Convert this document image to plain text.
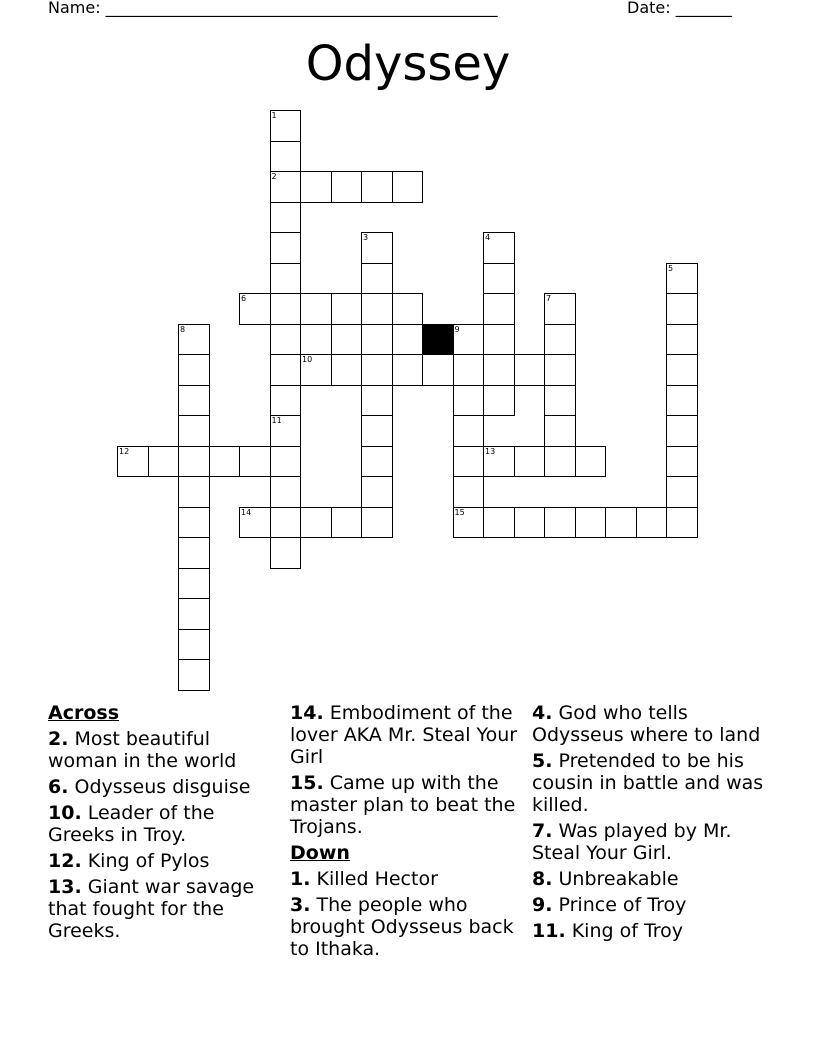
Name: _________________________________________________	Date: _______
Odyssey
1
2
11
3	4
5
6	7
8	9
10
12	13
14	15
Across
2. Most beautiful woman in the world
6. Odysseus disguise
10. Leader of the Greeks in Troy.
12. King of Pylos
13. Giant war savage that fought for the Greeks.
14. Embodiment of the lover AKA Mr. Steal Your Girl
15. Came up with the master plan to beat the Trojans.
Down
1. Killed Hector
3. The people who brought Odysseus back to Ithaka.
4. God who tells Odysseus where to land
5. Pretended to be his cousin in battle and was killed.
7. Was played by Mr. Steal Your Girl.
8. Unbreakable
9. Prince of Troy
11. King of Troy
